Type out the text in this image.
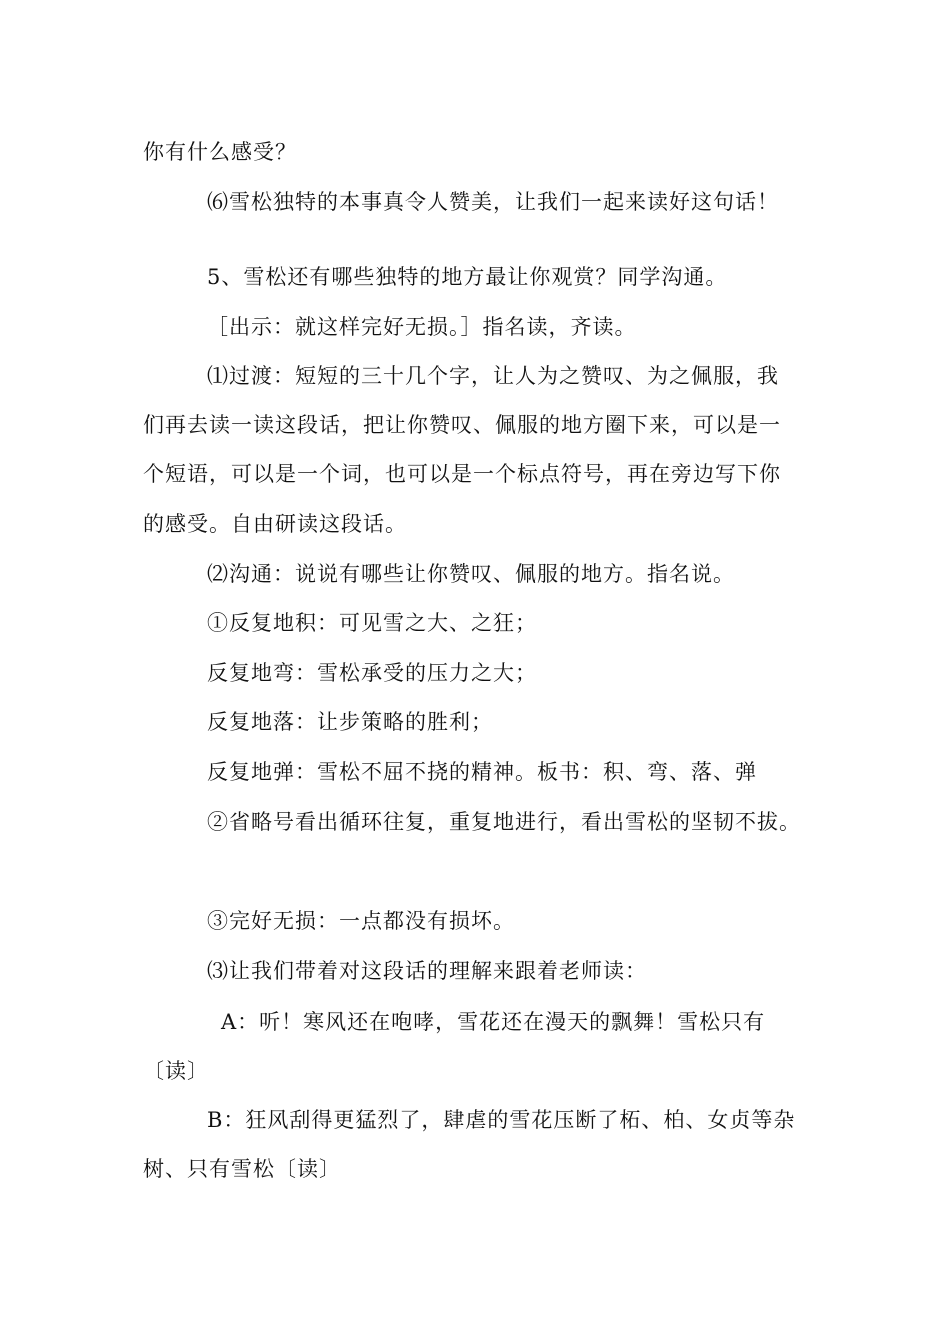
你有什么感受？
⑹雪松独特的本事真令人赞美，让我们一起来读好这句话！
5、雪松还有哪些独特的地方最让你观赏？同学沟通。
［出示：就这样完好无损。］指名读，齐读。
⑴过渡：短短的三十几个字，让人为之赞叹、为之佩服，我
们再去读一读这段话，把让你赞叹、佩服的地方圈下来，可以是一
个短语，可以是一个词，也可以是一个标点符号，再在旁边写下你
的感受。自由研读这段话。
⑵沟通：说说有哪些让你赞叹、佩服的地方。指名说。
①反复地积：可见雪之大、之狂；
反复地弯：雪松承受的压力之大；
反复地落：让步策略的胜利；
反复地弹：雪松不屈不挠的精神。板书：积、弯、落、弹
②省略号看出循环往复，重复地进行，看出雪松的坚韧不拔。
③完好无损：一点都没有损坏。
⑶让我们带着对这段话的理解来跟着老师读：
A：听！寒风还在咆哮，雪花还在漫天的飘舞！雪松只有
〔读〕
B：狂风刮得更猛烈了，肆虐的雪花压断了柘、柏、女贞等杂
树、只有雪松〔读〕
